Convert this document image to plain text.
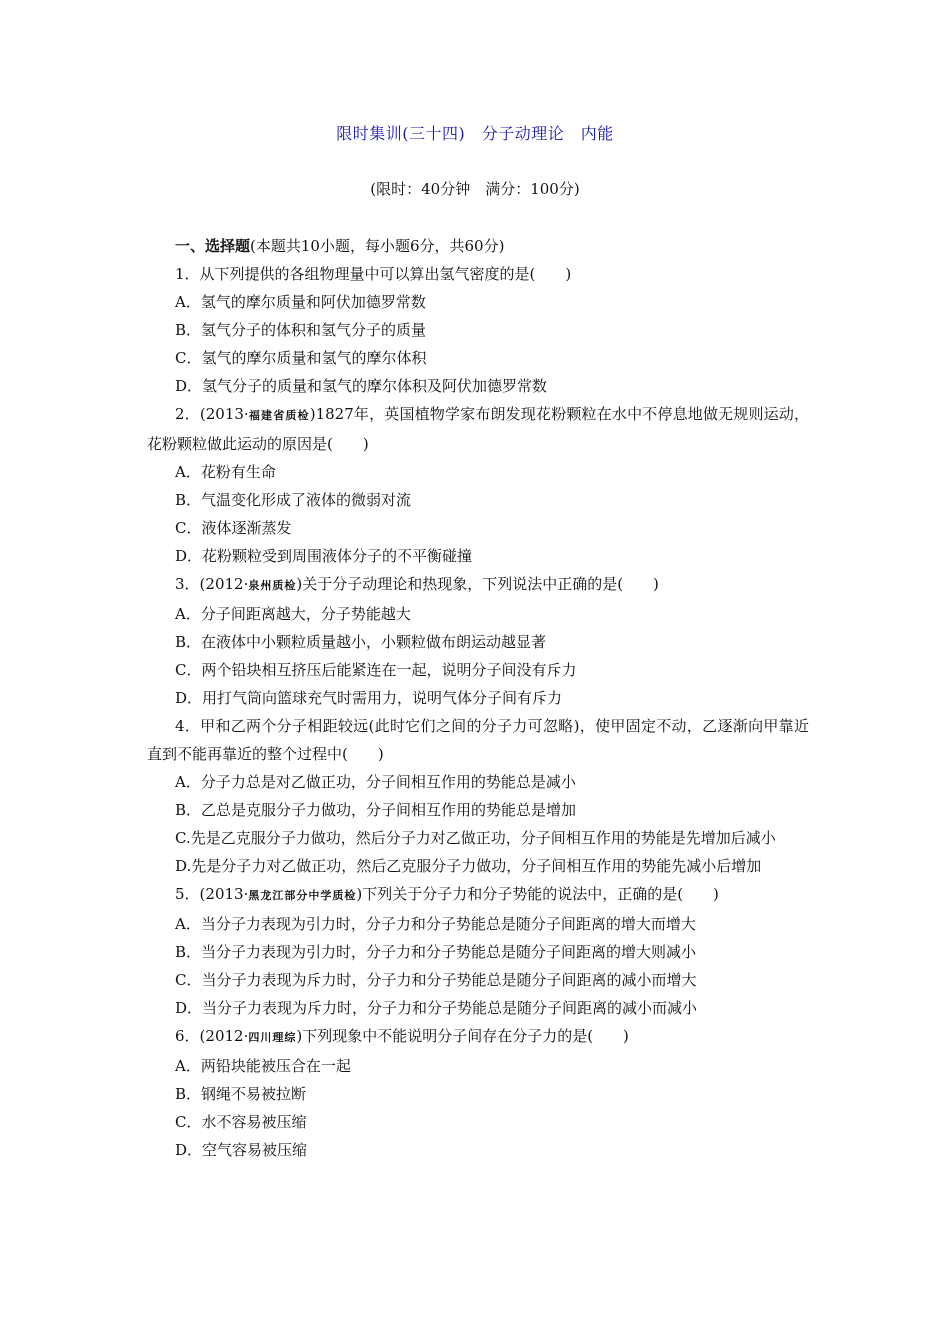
限时集训(三十四)　分子动理论　内能
(限时：40分钟　满分：100分)
一、选择题(本题共10小题，每小题6分，共60分)
1．从下列提供的各组物理量中可以算出氢气密度的是(　　)
A．氢气的摩尔质量和阿伏加德罗常数
B．氢气分子的体积和氢气分子的质量
C．氢气的摩尔质量和氢气的摩尔体积
D．氢气分子的质量和氢气的摩尔体积及阿伏加德罗常数
2．(2013·福建省质检)1827年，英国植物学家布朗发现花粉颗粒在水中不停息地做无规则运动，花粉颗粒做此运动的原因是(　　)
A．花粉有生命
B．气温变化形成了液体的微弱对流
C．液体逐渐蒸发
D．花粉颗粒受到周围液体分子的不平衡碰撞
3．(2012·泉州质检)关于分子动理论和热现象，下列说法中正确的是(　　)
A．分子间距离越大，分子势能越大
B．在液体中小颗粒质量越小，小颗粒做布朗运动越显著
C．两个铅块相互挤压后能紧连在一起，说明分子间没有斥力
D．用打气筒向篮球充气时需用力，说明气体分子间有斥力
4．甲和乙两个分子相距较远(此时它们之间的分子力可忽略)，使甲固定不动，乙逐渐向甲靠近直到不能再靠近的整个过程中(　　)
A．分子力总是对乙做正功，分子间相互作用的势能总是减小
B．乙总是克服分子力做功，分子间相互作用的势能总是增加
C.先是乙克服分子力做功，然后分子力对乙做正功，分子间相互作用的势能是先增加后减小
D.先是分子力对乙做正功，然后乙克服分子力做功，分子间相互作用的势能先减小后增加
5．(2013·黑龙江部分中学质检)下列关于分子力和分子势能的说法中，正确的是(　　)
A．当分子力表现为引力时，分子力和分子势能总是随分子间距离的增大而增大
B．当分子力表现为引力时，分子力和分子势能总是随分子间距离的增大则减小
C．当分子力表现为斥力时，分子力和分子势能总是随分子间距离的减小而增大
D．当分子力表现为斥力时，分子力和分子势能总是随分子间距离的减小而减小
6．(2012·四川理综)下列现象中不能说明分子间存在分子力的是(　　)
A．两铅块能被压合在一起
B．钢绳不易被拉断
C．水不容易被压缩
D．空气容易被压缩
